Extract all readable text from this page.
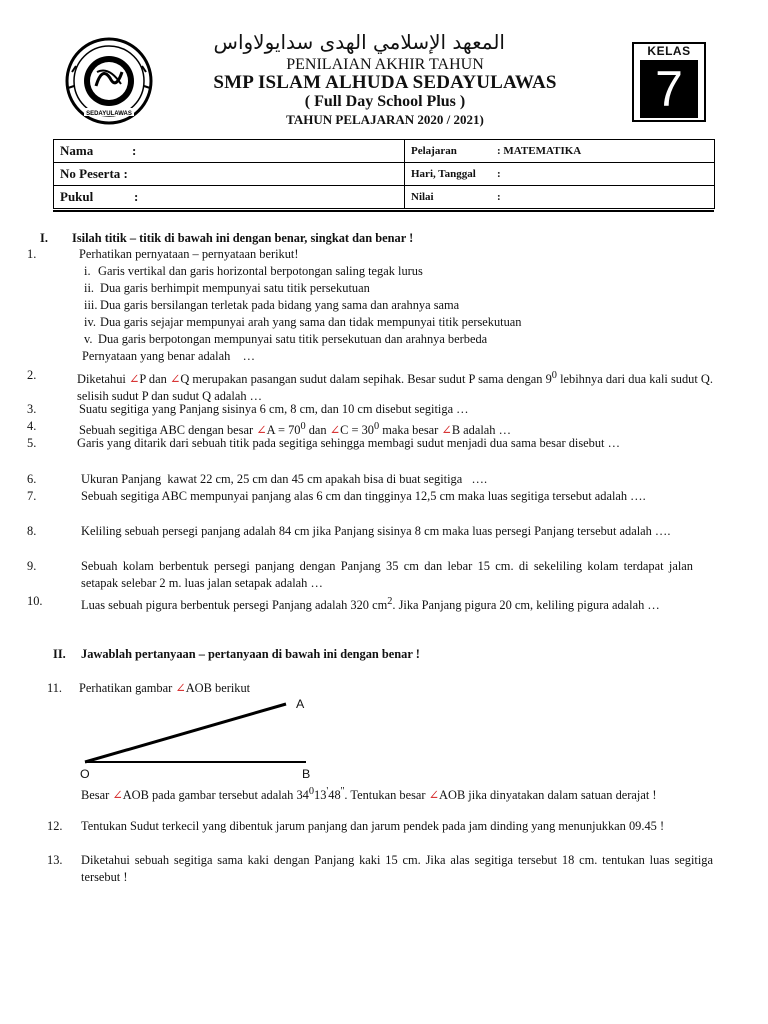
SEDAYULAWAS
المعهد الإسلامي الهدى سدايولاواس
PENILAIAN AKHIR TAHUN
SMP ISLAM ALHUDA SEDAYULAWAS
( Full Day School Plus )
TAHUN PELAJARAN 2020 / 2021)
KELAS
7
Nama :	Pelajaran : MATEMATIKA
No Peserta :	Hari, Tanggal :
Pukul :	Nilai :
I. Isilah titik – titik di bawah ini dengan benar, singkat dan benar !
1.	Perhatikan pernyataan – pernyataan berikut!
i. Garis vertikal dan garis horizontal berpotongan saling tegak lurus
ii. Dua garis berhimpit mempunyai satu titik persekutuan
iii. Dua garis bersilangan terletak pada bidang yang sama dan arahnya sama
iv. Dua garis sejajar mempunyai arah yang sama dan tidak mempunyai titik persekutuan
v. Dua garis berpotongan mempunyai satu titik persekutuan dan arahnya berbeda
Pernyataan yang benar adalah    …
2.	Diketahui ∠P dan ∠Q merupakan pasangan sudut dalam sepihak. Besar sudut P sama dengan $9^0$ lebihnya dari dua kali sudut Q. selisih sudut P dan sudut Q adalah …
3.	Suatu segitiga yang Panjang sisinya 6 cm, 8 cm, dan 10 cm disebut segitiga …
4.	Sebuah segitiga ABC dengan besar ∠A = $70^0$ dan ∠C = $30^0$ maka besar ∠B adalah …
5.	Garis yang ditarik dari sebuah titik pada segitiga sehingga membagi sudut menjadi dua sama besar disebut …
6.	Ukuran Panjang  kawat 22 cm, 25 cm dan 45 cm apakah bisa di buat segitiga   ….
7.	Sebuah segitiga ABC mempunyai panjang alas 6 cm dan tingginya 12,5 cm maka luas segitiga tersebut adalah ….
8.	Keliling sebuah persegi panjang adalah 84 cm jika Panjang sisinya 8 cm maka luas persegi Panjang tersebut adalah ….
9.	Sebuah kolam berbentuk persegi panjang dengan Panjang 35 cm dan lebar 15 cm. di sekeliling kolam terdapat jalan setapak selebar 2 m. luas jalan setapak adalah …
10.	Luas sebuah pigura berbentuk persegi Panjang adalah 320 $cm^2$. Jika Panjang pigura 20 cm, keliling pigura adalah …
II. Jawablah pertanyaan – pertanyaan di bawah ini dengan benar !
11.	Perhatikan gambar ∠AOB berikut
A
O	B
Besar ∠AOB pada gambar tersebut adalah $34^013'48''$. Tentukan besar ∠AOB jika dinyatakan dalam satuan derajat !
12.	Tentukan Sudut terkecil yang dibentuk jarum panjang dan jarum pendek pada jam dinding yang menunjukkan 09.45 !
13.	Diketahui sebuah segitiga sama kaki dengan Panjang kaki 15 cm. Jika alas segitiga tersebut 18 cm. tentukan luas segitiga tersebut !
